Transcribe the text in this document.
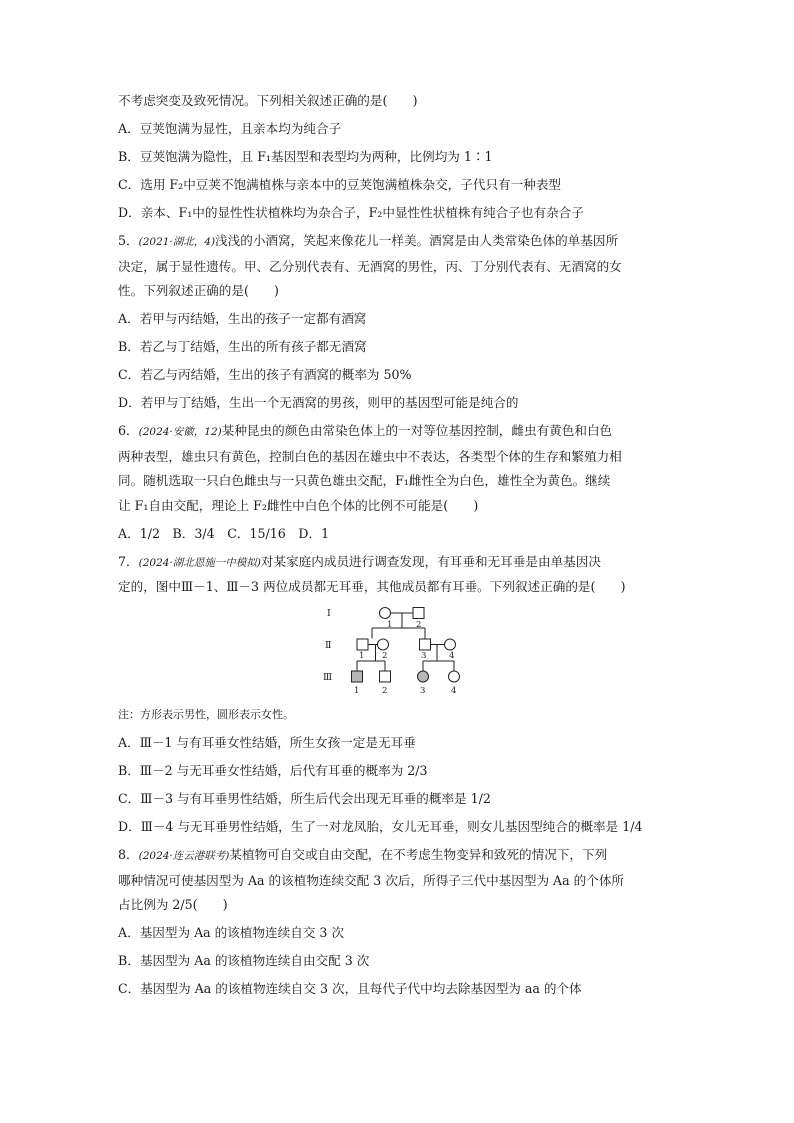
不考虑突变及致死情况。下列相关叙述正确的是(　　)

A．豆荚饱满为显性，且亲本均为纯合子

B．豆荚饱满为隐性，且 F₁基因型和表型均为两种，比例均为 1∶1

C．选用 F₂中豆荚不饱满植株与亲本中的豆荚饱满植株杂交，子代只有一种表型

D．亲本、F₁中的显性性状植株均为杂合子，F₂中显性性状植株有纯合子也有杂合子

5．(2021·湖北，4)浅浅的小酒窝，笑起来像花儿一样美。酒窝是由人类常染色体的单基因所

决定，属于显性遗传。甲、乙分别代表有、无酒窝的男性，丙、丁分别代表有、无酒窝的女

性。下列叙述正确的是(　　)

A．若甲与丙结婚，生出的孩子一定都有酒窝

B．若乙与丁结婚，生出的所有孩子都无酒窝

C．若乙与丙结婚，生出的孩子有酒窝的概率为 50%

D．若甲与丁结婚，生出一个无酒窝的男孩，则甲的基因型可能是纯合的

6．(2024·安徽，12)某种昆虫的颜色由常染色体上的一对等位基因控制，雌虫有黄色和白色

两种表型，雄虫只有黄色，控制白色的基因在雄虫中不表达，各类型个体的生存和繁殖力相

同。随机选取一只白色雌虫与一只黄色雄虫交配，F₁雌性全为白色，雄性全为黄色。继续

让 F₁自由交配，理论上 F₂雌性中白色个体的比例不可能是(　　)

A．1/2　B．3/4　C．15/16　D．1

7．(2024·湖北恩施一中模拟)对某家庭内成员进行调查发现，有耳垂和无耳垂是由单基因决

定的，图中Ⅲ－1、Ⅲ－3 两位成员都无耳垂，其他成员都有耳垂。下列叙述正确的是(　　)

Ⅰ
Ⅱ
Ⅲ
1	2
1 2	3	4
1	2	3	4

注：方形表示男性，圆形表示女性。

A．Ⅲ－1 与有耳垂女性结婚，所生女孩一定是无耳垂

B．Ⅲ－2 与无耳垂女性结婚，后代有耳垂的概率为 2/3

C．Ⅲ－3 与有耳垂男性结婚，所生后代会出现无耳垂的概率是 1/2

D．Ⅲ－4 与无耳垂男性结婚，生了一对龙凤胎，女儿无耳垂，则女儿基因型纯合的概率是 1/4

8．(2024·连云港联考)某植物可自交或自由交配，在不考虑生物变异和致死的情况下，下列

哪种情况可使基因型为 Aa 的该植物连续交配 3 次后，所得子三代中基因型为 Aa 的个体所

占比例为 2/5(　　)

A．基因型为 Aa 的该植物连续自交 3 次

B．基因型为 Aa 的该植物连续自由交配 3 次

C．基因型为 Aa 的该植物连续自交 3 次，且每代子代中均去除基因型为 aa 的个体
